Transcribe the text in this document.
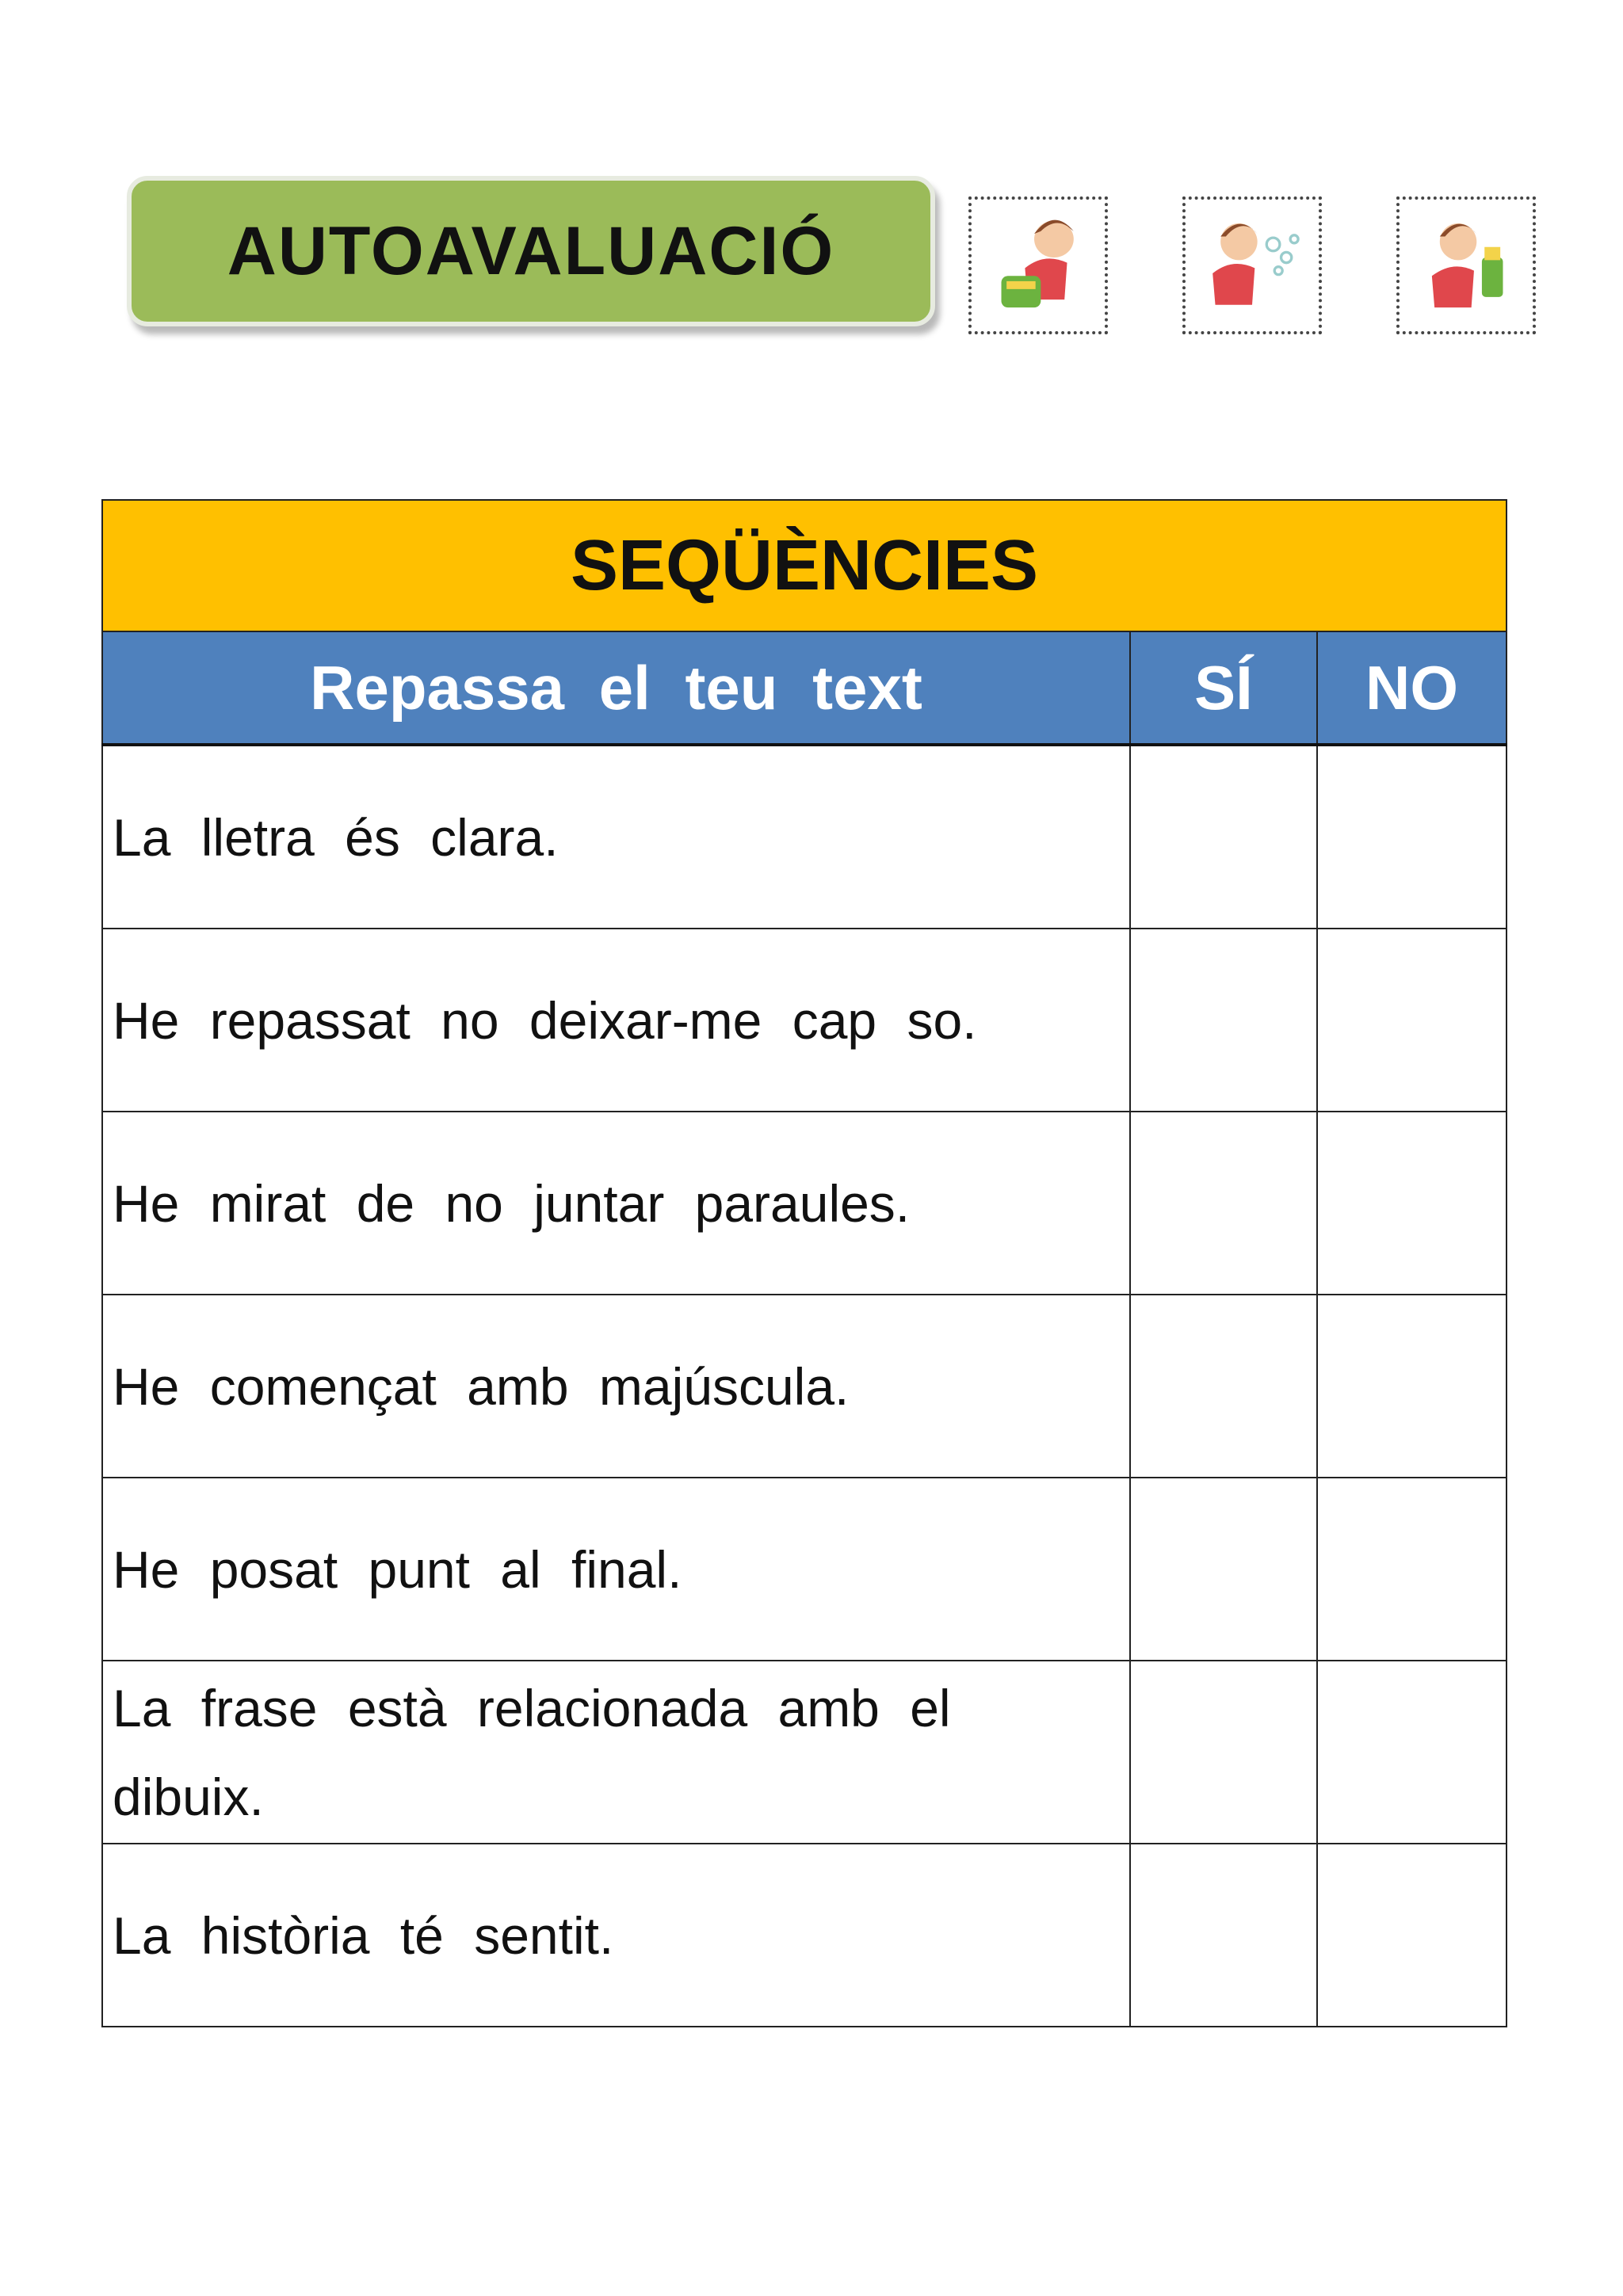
AUTOAVALUACIÓ
SEQÜÈNCIES		
Repassa el teu text	SÍ	NO
La lletra és clara.		
He repassat no deixar-me cap so.		
He mirat de no juntar paraules.		
He començat amb majúscula.		
He posat punt al final.		
La frase està relacionada amb el dibuix.		
La història té sentit.		
